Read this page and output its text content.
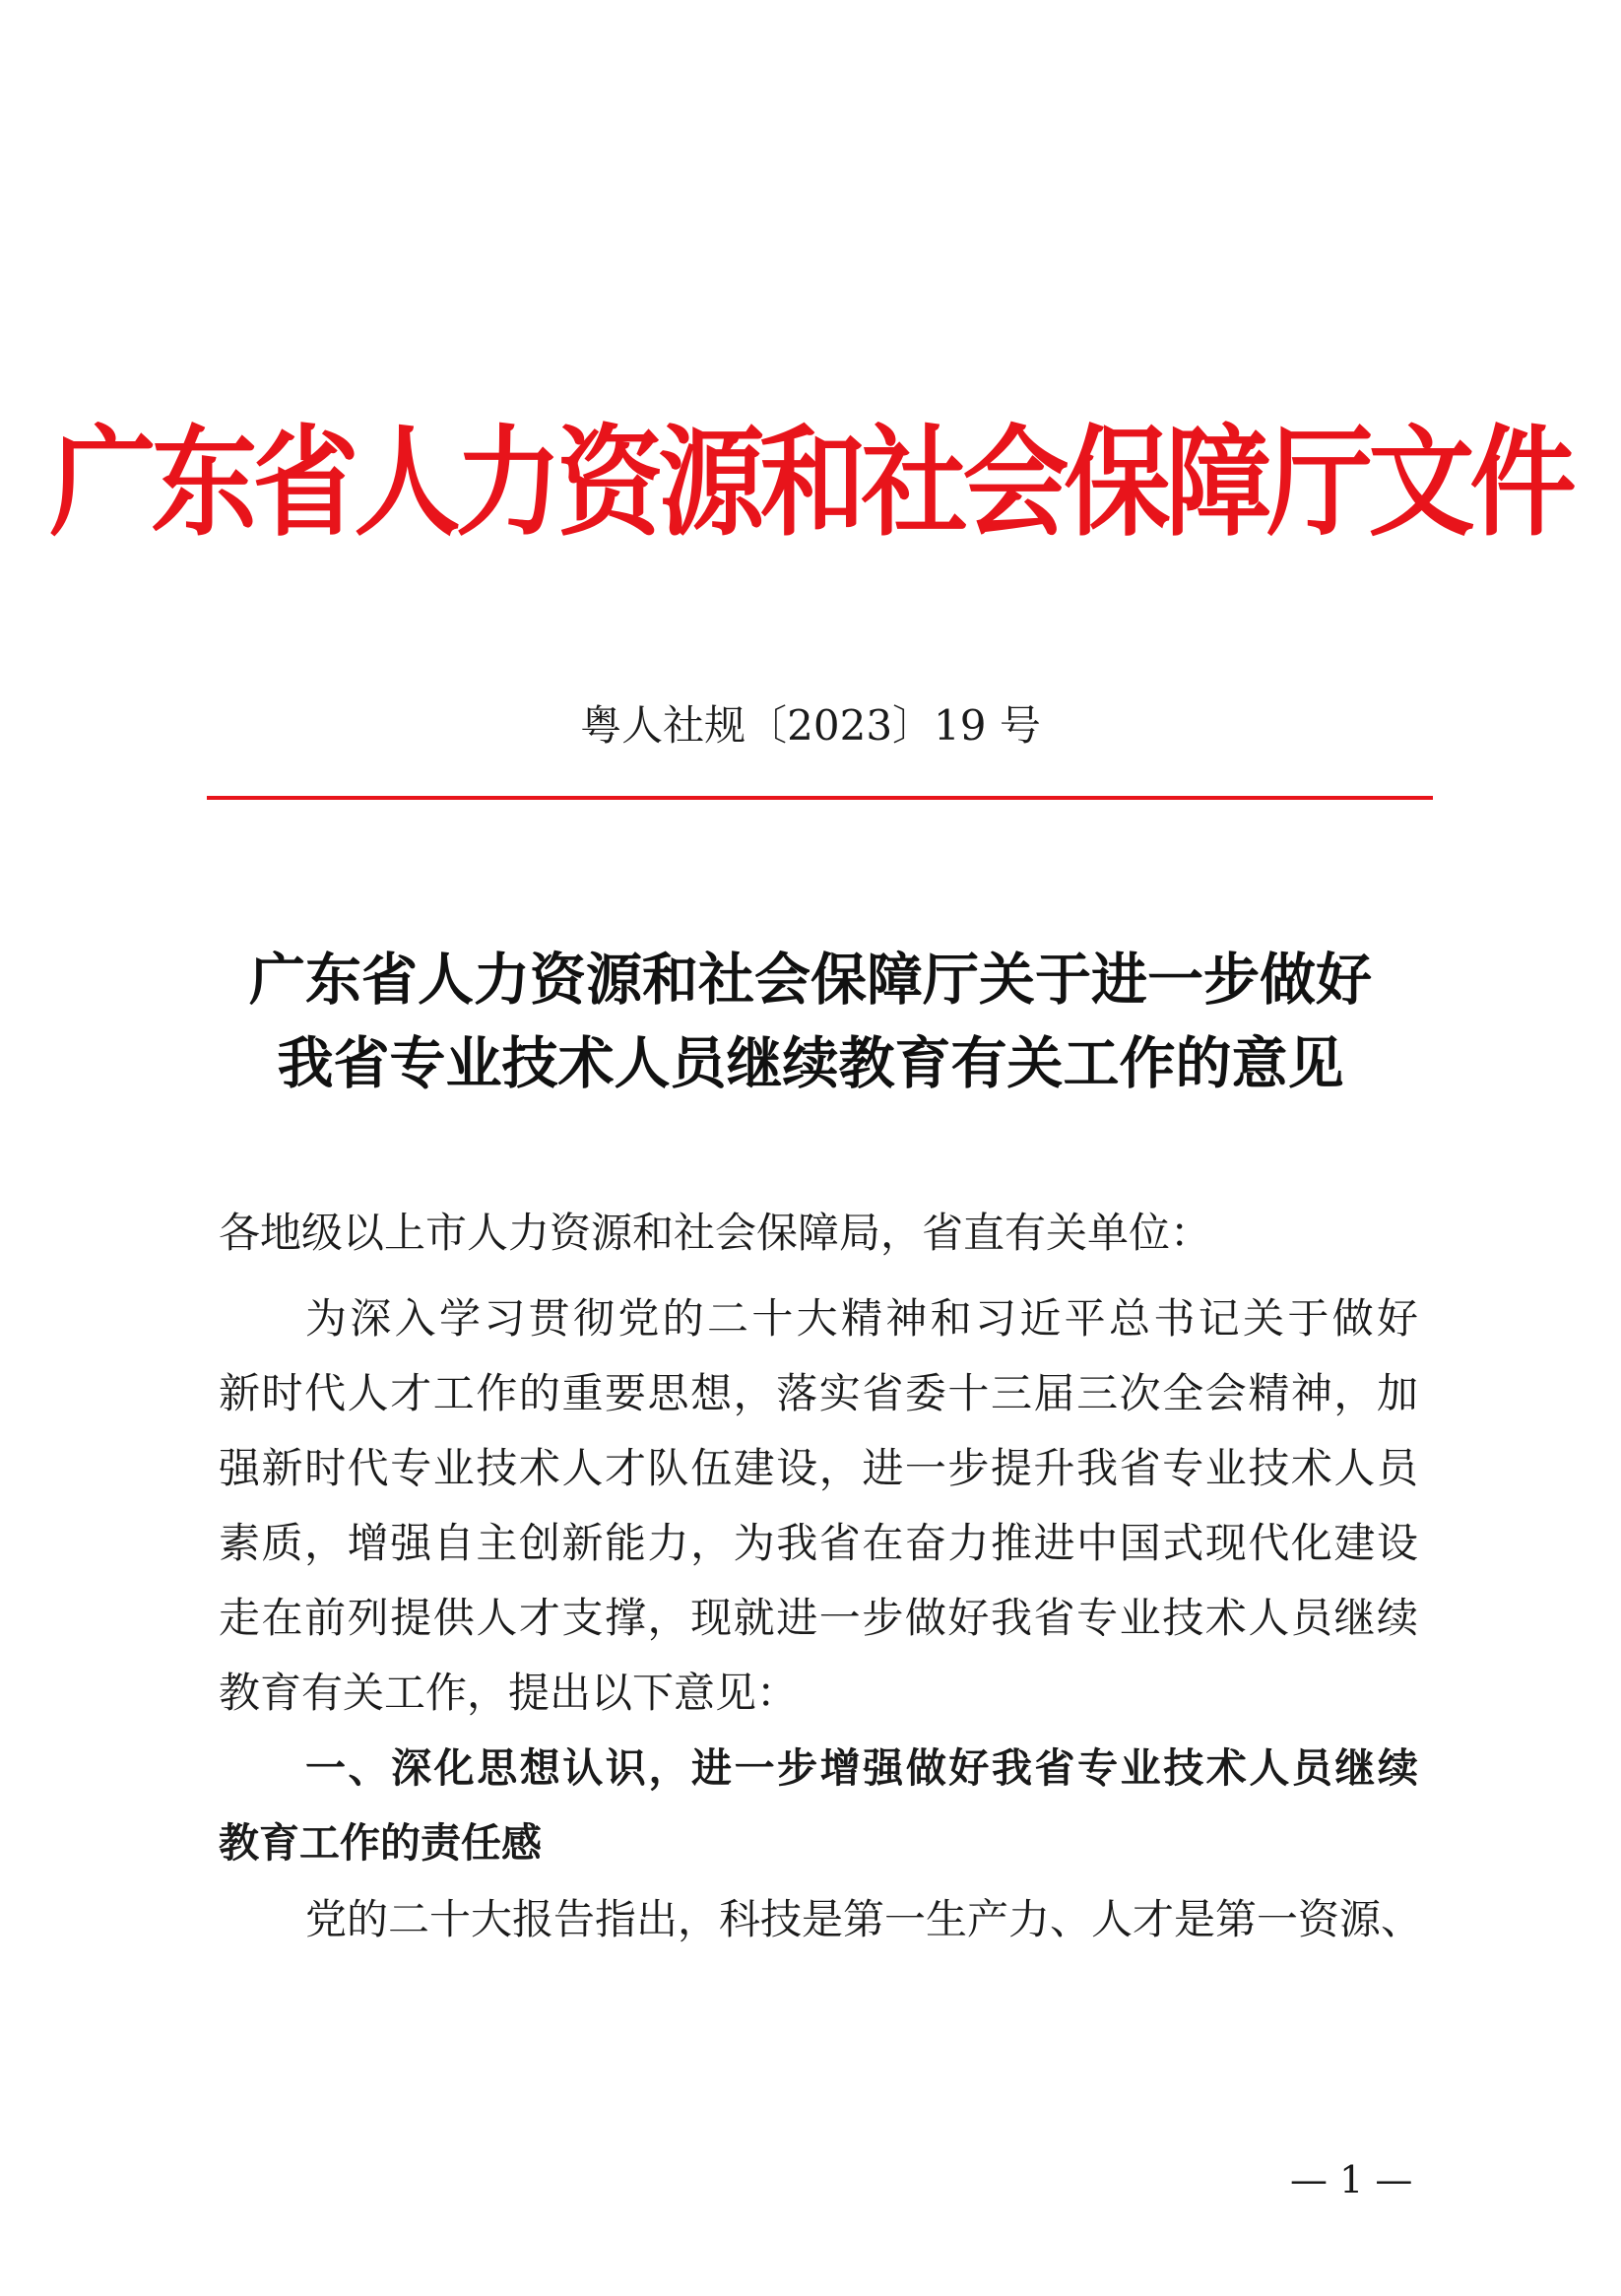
广东省人力资源和社会保障厅文件
粤人社规〔2023〕19 号
广东省人力资源和社会保障厅关于进一步做好
我省专业技术人员继续教育有关工作的意见
各地级以上市人力资源和社会保障局，省直有关单位：
为深入学习贯彻党的二十大精神和习近平总书记关于做好
新时代人才工作的重要思想，落实省委十三届三次全会精神，加
强新时代专业技术人才队伍建设，进一步提升我省专业技术人员
素质，增强自主创新能力，为我省在奋力推进中国式现代化建设
走在前列提供人才支撑，现就进一步做好我省专业技术人员继续
教育有关工作，提出以下意见：
一、深化思想认识，进一步增强做好我省专业技术人员继续
教育工作的责任感
党的二十大报告指出，科技是第一生产力、人才是第一资源、
— 1 —
